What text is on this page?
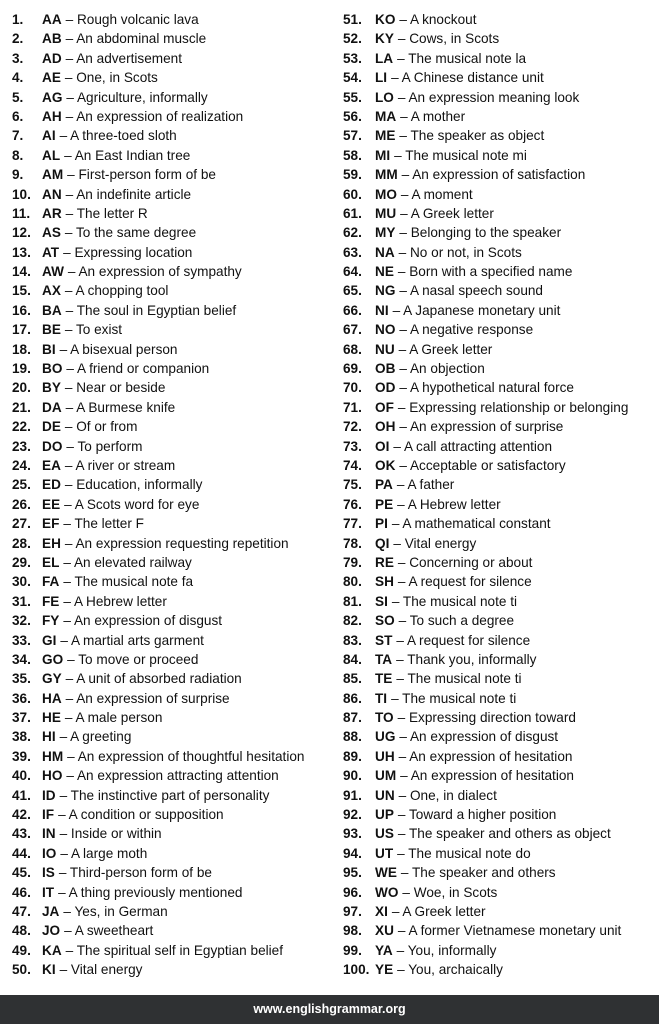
1.	AA – Rough volcanic lava
2.	AB – An abdominal muscle
3.	AD – An advertisement
4.	AE – One, in Scots
5.	AG – Agriculture, informally
6.	AH – An expression of realization
7.	AI – A three-toed sloth
8.	AL – An East Indian tree
9.	AM – First-person form of be
10. AN – An indefinite article
11. AR – The letter R
12. AS – To the same degree
13. AT – Expressing location
14. AW – An expression of sympathy
15. AX – A chopping tool
16. BA – The soul in Egyptian belief
17. BE – To exist
18. BI – A bisexual person
19. BO – A friend or companion
20. BY – Near or beside
21. DA – A Burmese knife
22. DE – Of or from
23. DO – To perform
24. EA – A river or stream
25. ED – Education, informally
26. EE – A Scots word for eye
27. EF – The letter F
28. EH – An expression requesting repetition
29. EL – An elevated railway
30. FA – The musical note fa
31. FE – A Hebrew letter
32. FY – An expression of disgust
33. GI – A martial arts garment
34. GO – To move or proceed
35. GY – A unit of absorbed radiation
36. HA – An expression of surprise
37. HE – A male person
38. HI – A greeting
39. HM – An expression of thoughtful hesitation
40. HO – An expression attracting attention
41. ID – The instinctive part of personality
42. IF – A condition or supposition
43. IN – Inside or within
44. IO – A large moth
45. IS – Third-person form of be
46. IT – A thing previously mentioned
47. JA – Yes, in German
48. JO – A sweetheart
49. KA – The spiritual self in Egyptian belief
50. KI – Vital energy
51. KO – A knockout
52. KY – Cows, in Scots
53. LA – The musical note la
54. LI – A Chinese distance unit
55. LO – An expression meaning look
56. MA – A mother
57. ME – The speaker as object
58. MI – The musical note mi
59. MM – An expression of satisfaction
60. MO – A moment
61. MU – A Greek letter
62. MY – Belonging to the speaker
63. NA – No or not, in Scots
64. NE – Born with a specified name
65. NG – A nasal speech sound
66. NI – A Japanese monetary unit
67. NO – A negative response
68. NU – A Greek letter
69. OB – An objection
70. OD – A hypothetical natural force
71. OF – Expressing relationship or belonging
72. OH – An expression of surprise
73. OI – A call attracting attention
74. OK – Acceptable or satisfactory
75. PA – A father
76. PE – A Hebrew letter
77. PI – A mathematical constant
78. QI – Vital energy
79. RE – Concerning or about
80. SH – A request for silence
81. SI – The musical note ti
82. SO – To such a degree
83. ST – A request for silence
84. TA – Thank you, informally
85. TE – The musical note ti
86. TI – The musical note ti
87. TO – Expressing direction toward
88. UG – An expression of disgust
89. UH – An expression of hesitation
90. UM – An expression of hesitation
91. UN – One, in dialect
92. UP – Toward a higher position
93. US – The speaker and others as object
94. UT – The musical note do
95. WE – The speaker and others
96. WO – Woe, in Scots
97. XI – A Greek letter
98. XU – A former Vietnamese monetary unit
99. YA – You, informally
100. YE – You, archaically
www.englishgrammar.org
